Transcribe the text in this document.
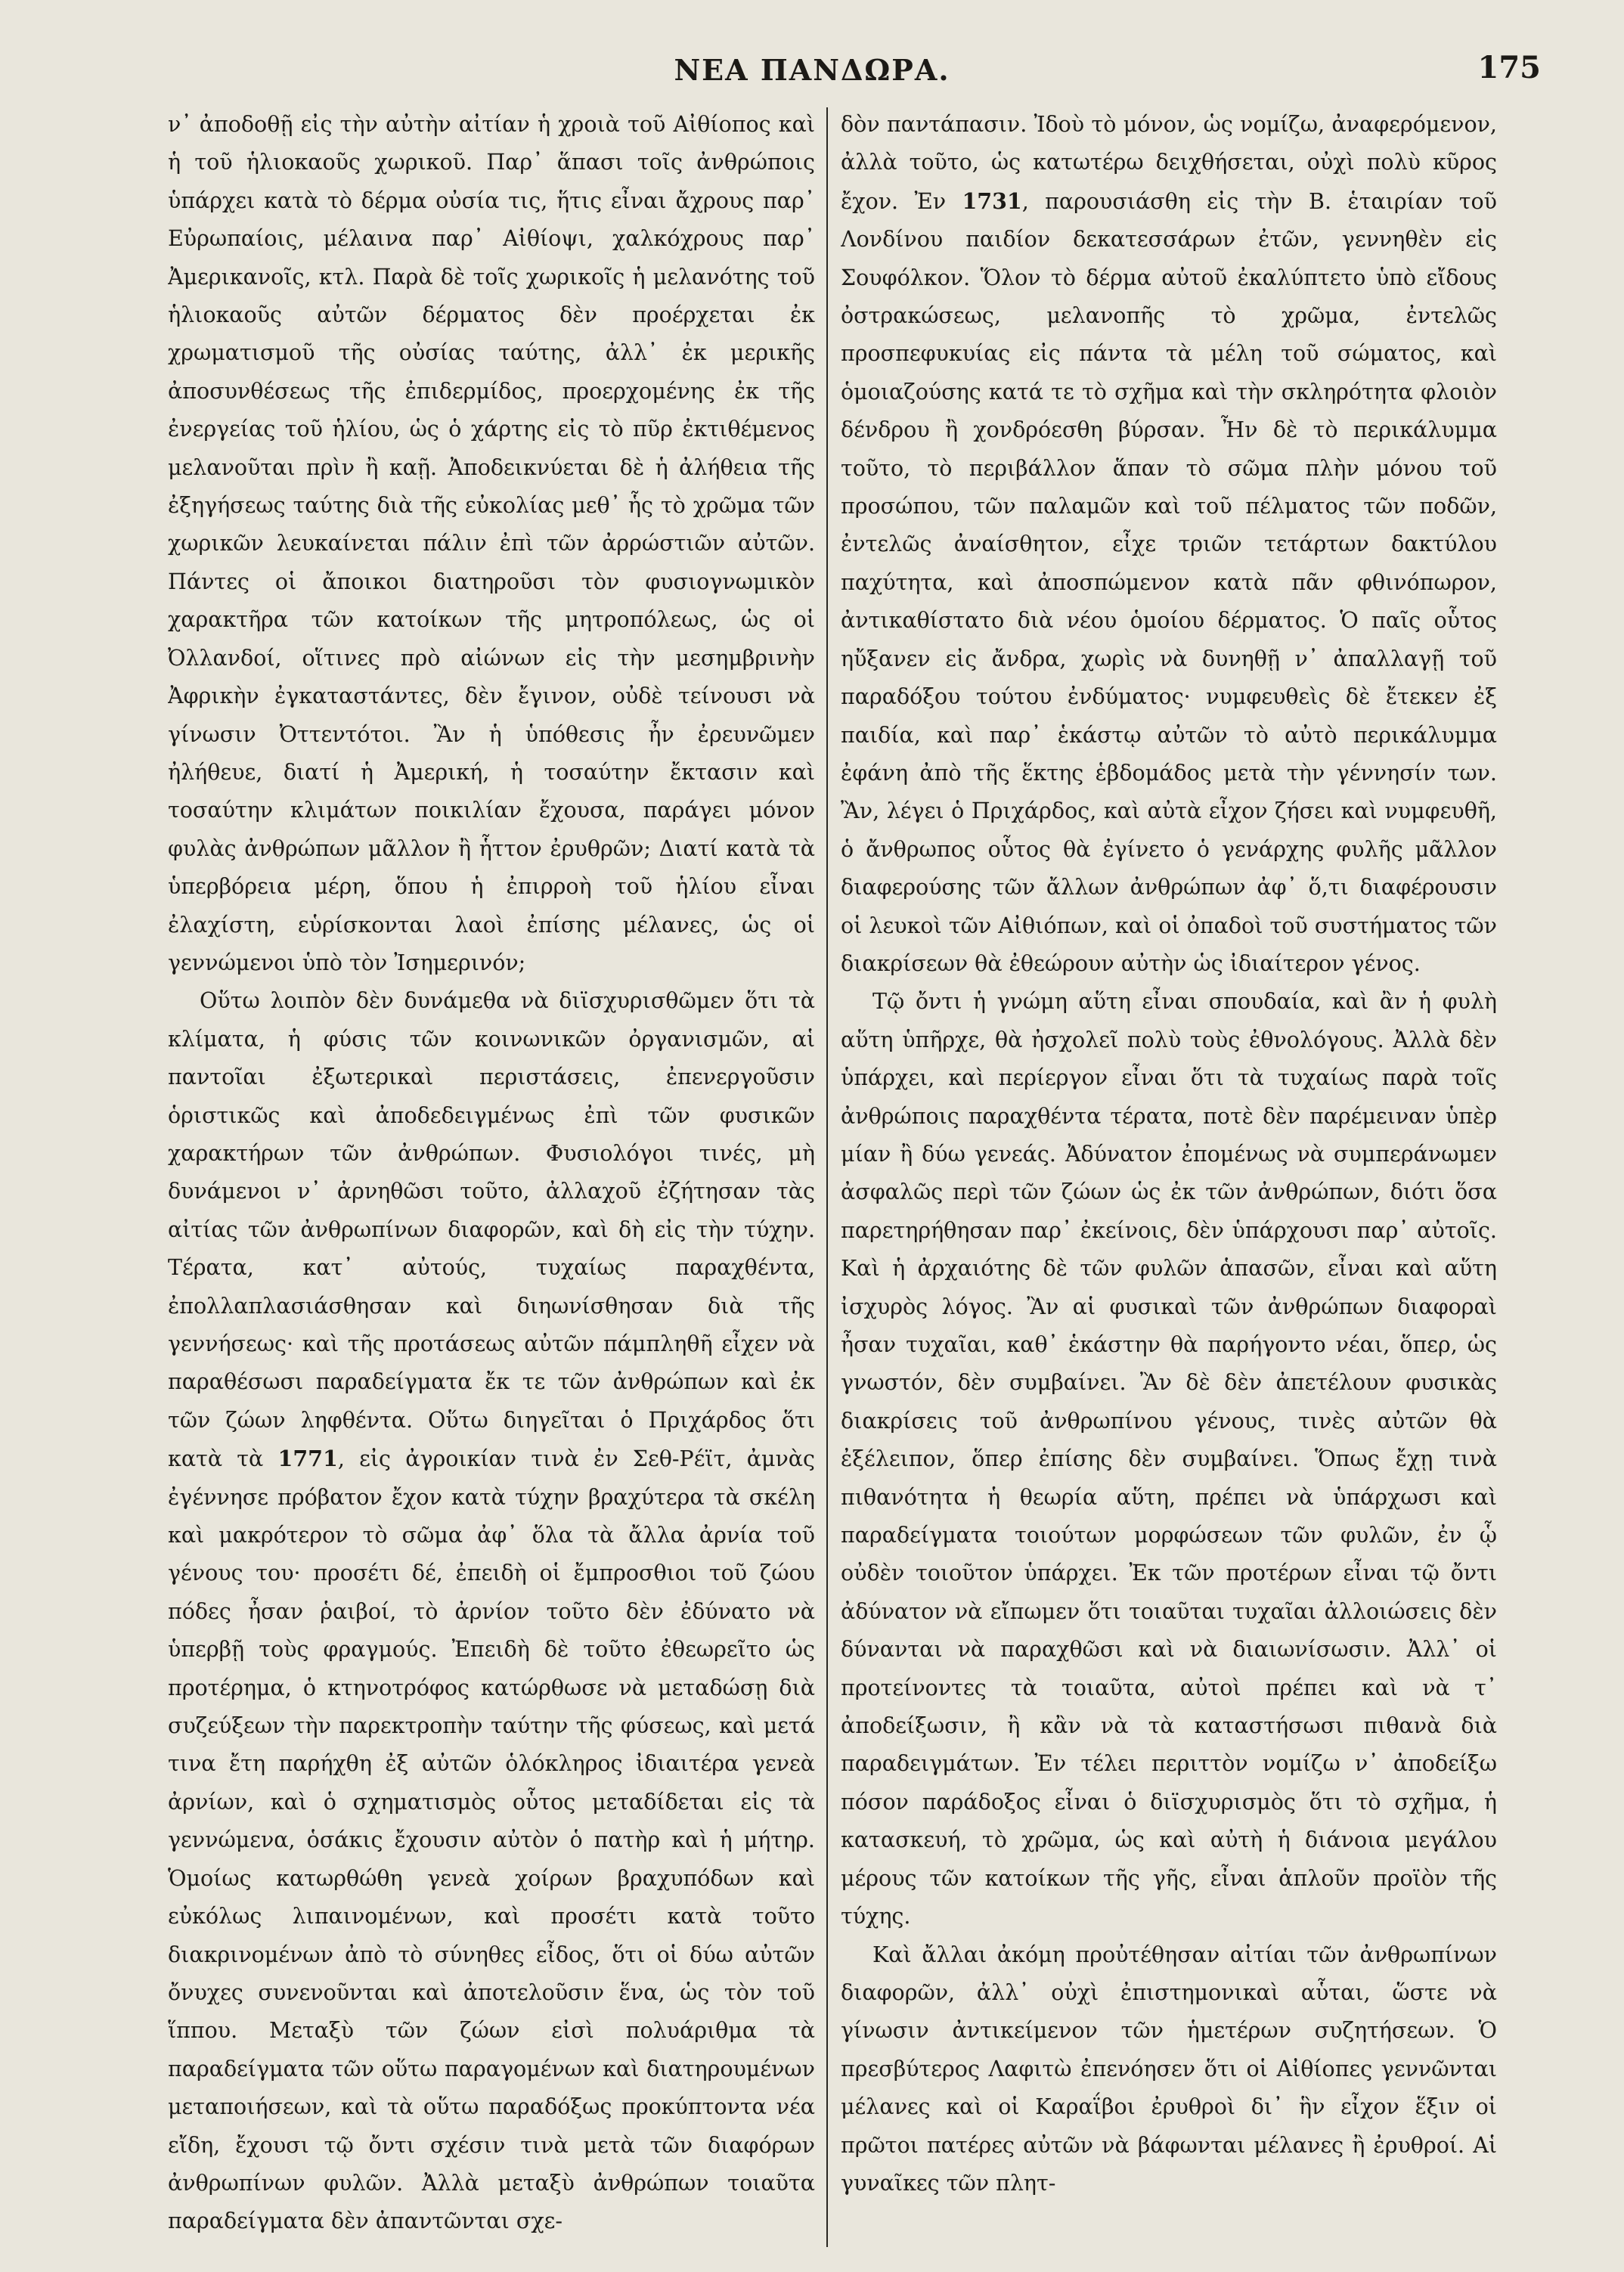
ΝΕΑ ΠΑΝΔΩΡΑ.	175

ν᾽ ἀποδοθῇ εἰς τὴν αὐτὴν αἰτίαν ἡ χροιὰ τοῦ Αἰθίοπος καὶ ἡ τοῦ ἡλιοκαοῦς χωρικοῦ. Παρ᾽ ἅπασι τοῖς ἀνθρώποις ὑπάρχει κατὰ τὸ δέρμα οὐσία τις, ἥτις εἶναι ἄχρους παρ᾽ Εὐρωπαίοις, μέλαινα παρ᾽ Αἰθίοψι, χαλκόχρους παρ᾽ Ἀμερικανοῖς, κτλ. Παρὰ δὲ τοῖς χωρικοῖς ἡ μελανότης τοῦ ἡλιοκαοῦς αὐτῶν δέρματος δὲν προέρχεται ἐκ χρωματισμοῦ τῆς οὐσίας ταύτης, ἀλλ᾽ ἐκ μερικῆς ἀποσυνθέσεως τῆς ἐπιδερμίδος, προερχομένης ἐκ τῆς ἐνεργείας τοῦ ἡλίου, ὡς ὁ χάρτης εἰς τὸ πῦρ ἐκτιθέμενος μελανοῦται πρὶν ἢ καῇ. Ἀποδεικνύεται δὲ ἡ ἀλήθεια τῆς ἐξηγήσεως ταύτης διὰ τῆς εὐκολίας μεθ᾽ ἧς τὸ χρῶμα τῶν χωρικῶν λευκαίνεται πάλιν ἐπὶ τῶν ἀρρώστιῶν αὐτῶν. Πάντες οἱ ἄποικοι διατηροῦσι τὸν φυσιογνωμικὸν χαρακτῆρα τῶν κατοίκων τῆς μητροπόλεως, ὡς οἱ Ὀλλανδοί, οἵτινες πρὸ αἰώνων εἰς τὴν μεσημβρινὴν Ἀφρικὴν ἐγκαταστάντες, δὲν ἔγινον, οὐδὲ τείνουσι νὰ γίνωσιν Ὀττεντότοι. Ἂν ἡ ὑπόθεσις ἦν ἐρευνῶμεν ἠλήθευε, διατί ἡ Ἀμερική, ἡ τοσαύτην ἔκτασιν καὶ τοσαύτην κλιμάτων ποικιλίαν ἔχουσα, παράγει μόνον φυλὰς ἀνθρώπων μᾶλλον ἢ ἧττον ἐρυθρῶν; Διατί κατὰ τὰ ὑπερβόρεια μέρη, ὅπου ἡ ἐπιρροὴ τοῦ ἡλίου εἶναι ἐλαχίστη, εὑρίσκονται λαοὶ ἐπίσης μέλανες, ὡς οἱ γεννώμενοι ὑπὸ τὸν Ἰσημερινόν;

Οὕτω λοιπὸν δὲν δυνάμεθα νὰ διϊσχυρισθῶμεν ὅτι τὰ κλίματα, ἡ φύσις τῶν κοινωνικῶν ὀργανισμῶν, αἱ παντοῖαι ἐξωτερικαὶ περιστάσεις, ἐπενεργοῦσιν ὁριστικῶς καὶ ἀποδεδειγμένως ἐπὶ τῶν φυσικῶν χαρακτήρων τῶν ἀνθρώπων. Φυσιολόγοι τινές, μὴ δυνάμενοι ν᾽ ἀρνηθῶσι τοῦτο, ἀλλαχοῦ ἐζήτησαν τὰς αἰτίας τῶν ἀνθρωπίνων διαφορῶν, καὶ δὴ εἰς τὴν τύχην. Τέρατα, κατ᾽ αὐτούς, τυχαίως παραχθέντα, ἐπολλαπλασιάσθησαν καὶ διηωνίσθησαν διὰ τῆς γεννήσεως· καὶ τῆς προτάσεως αὐτῶν πάμπληθῆ εἶχεν νὰ παραθέσωσι παραδείγματα ἔκ τε τῶν ἀνθρώπων καὶ ἐκ τῶν ζώων ληφθέντα. Οὕτω διηγεῖται ὁ Πριχάρδος ὅτι κατὰ τὰ 1771, εἰς ἀγροικίαν τινὰ ἐν Σεθ-Ρέϊτ, ἀμνὰς ἐγέννησε πρόβατον ἔχον κατὰ τύχην βραχύτερα τὰ σκέλη καὶ μακρότερον τὸ σῶμα ἀφ᾽ ὅλα τὰ ἄλλα ἀρνία τοῦ γένους του· προσέτι δέ, ἐπειδὴ οἱ ἔμπροσθιοι τοῦ ζώου πόδες ἦσαν ῥαιβοί, τὸ ἀρνίον τοῦτο δὲν ἐδύνατο νὰ ὑπερβῇ τοὺς φραγμούς. Ἐπειδὴ δὲ τοῦτο ἐθεωρεῖτο ὡς προτέρημα, ὁ κτηνοτρόφος κατώρθωσε νὰ μεταδώσῃ διὰ συζεύξεων τὴν παρεκτροπὴν ταύτην τῆς φύσεως, καὶ μετά τινα ἔτη παρήχθη ἐξ αὐτῶν ὁλόκληρος ἰδιαιτέρα γενεὰ ἀρνίων, καὶ ὁ σχηματισμὸς οὗτος μεταδίδεται εἰς τὰ γεννώμενα, ὁσάκις ἔχουσιν αὐτὸν ὁ πατὴρ καὶ ἡ μήτηρ. Ὁμοίως κατωρθώθη γενεὰ χοίρων βραχυπόδων καὶ εὐκόλως λιπαινομένων, καὶ προσέτι κατὰ τοῦτο διακρινομένων ἀπὸ τὸ σύνηθες εἶδος, ὅτι οἱ δύω αὐτῶν ὄνυχες συνενοῦνται καὶ ἀποτελοῦσιν ἕνα, ὡς τὸν τοῦ ἵππου. Μεταξὺ τῶν ζώων εἰσὶ πολυάριθμα τὰ παραδείγματα τῶν οὕτω παραγομένων καὶ διατηρουμένων μεταποιήσεων, καὶ τὰ οὕτω παραδόξως προκύπτοντα νέα εἴδη, ἔχουσι τῷ ὄντι σχέσιν τινὰ μετὰ τῶν διαφόρων ἀνθρωπίνων φυλῶν. Ἀλλὰ μεταξὺ ἀνθρώπων τοιαῦτα παραδείγματα δὲν ἀπαντῶνται σχε-

δὸν παντάπασιν. Ἰδοὺ τὸ μόνον, ὡς νομίζω, ἀναφερόμενον, ἀλλὰ τοῦτο, ὡς κατωτέρω δειχθήσεται, οὐχὶ πολὺ κῦρος ἔχον. Ἐν 1731, παρουσιάσθη εἰς τὴν Β. ἑταιρίαν τοῦ Λονδίνου παιδίον δεκατεσσάρων ἐτῶν, γεννηθὲν εἰς Σουφόλκον. Ὅλον τὸ δέρμα αὐτοῦ ἐκαλύπτετο ὑπὸ εἴδους ὀστρακώσεως, μελανοπῆς τὸ χρῶμα, ἐντελῶς προσπεφυκυίας εἰς πάντα τὰ μέλη τοῦ σώματος, καὶ ὁμοιαζούσης κατά τε τὸ σχῆμα καὶ τὴν σκληρότητα φλοιὸν δένδρου ἢ χονδρόεσθη βύρσαν. Ἦν δὲ τὸ περικάλυμμα τοῦτο, τὸ περιβάλλον ἅπαν τὸ σῶμα πλὴν μόνου τοῦ προσώπου, τῶν παλαμῶν καὶ τοῦ πέλματος τῶν ποδῶν, ἐντελῶς ἀναίσθητον, εἶχε τριῶν τετάρτων δακτύλου παχύτητα, καὶ ἀποσπώμενον κατὰ πᾶν φθινόπωρον, ἀντικαθίστατο διὰ νέου ὁμοίου δέρματος. Ὁ παῖς οὗτος ηὔξανεν εἰς ἄνδρα, χωρὶς νὰ δυνηθῇ ν᾽ ἀπαλλαγῇ τοῦ παραδόξου τούτου ἐνδύματος· νυμφευθεὶς δὲ ἔτεκεν ἐξ παιδία, καὶ παρ᾽ ἑκάστῳ αὐτῶν τὸ αὐτὸ περικάλυμμα ἐφάνη ἀπὸ τῆς ἕκτης ἑβδομάδος μετὰ τὴν γέννησίν των. Ἂν, λέγει ὁ Πριχάρδος, καὶ αὐτὰ εἶχον ζήσει καὶ νυμφευθῆ, ὁ ἄνθρωπος οὗτος θὰ ἐγίνετο ὁ γενάρχης φυλῆς μᾶλλον διαφερούσης τῶν ἄλλων ἀνθρώπων ἀφ᾽ ὅ,τι διαφέρουσιν οἱ λευκοὶ τῶν Αἰθιόπων, καὶ οἱ ὀπαδοὶ τοῦ συστήματος τῶν διακρίσεων θὰ ἐθεώρουν αὐτὴν ὡς ἰδιαίτερον γένος.

Τῷ ὄντι ἡ γνώμη αὕτη εἶναι σπουδαία, καὶ ἂν ἡ φυλὴ αὕτη ὑπῆρχε, θὰ ἠσχολεῖ πολὺ τοὺς ἐθνολόγους. Ἀλλὰ δὲν ὑπάρχει, καὶ περίεργον εἶναι ὅτι τὰ τυχαίως παρὰ τοῖς ἀνθρώποις παραχθέντα τέρατα, ποτὲ δὲν παρέμειναν ὑπὲρ μίαν ἢ δύω γενεάς. Ἀδύνατον ἐπομένως νὰ συμπεράνωμεν ἀσφαλῶς περὶ τῶν ζώων ὡς ἐκ τῶν ἀνθρώπων, διότι ὅσα παρετηρήθησαν παρ᾽ ἐκείνοις, δὲν ὑπάρχουσι παρ᾽ αὐτοῖς. Καὶ ἡ ἀρχαιότης δὲ τῶν φυλῶν ἁπασῶν, εἶναι καὶ αὕτη ἰσχυρὸς λόγος. Ἂν αἱ φυσικαὶ τῶν ἀνθρώπων διαφοραὶ ἦσαν τυχαῖαι, καθ᾽ ἑκάστην θὰ παρήγοντο νέαι, ὅπερ, ὡς γνωστόν, δὲν συμβαίνει. Ἂν δὲ δὲν ἀπετέλουν φυσικὰς διακρίσεις τοῦ ἀνθρωπίνου γένους, τινὲς αὐτῶν θὰ ἐξέλειπον, ὅπερ ἐπίσης δὲν συμβαίνει. Ὅπως ἔχῃ τινὰ πιθανότητα ἡ θεωρία αὕτη, πρέπει νὰ ὑπάρχωσι καὶ παραδείγματα τοιούτων μορφώσεων τῶν φυλῶν, ἐν ᾧ οὐδὲν τοιοῦτον ὑπάρχει. Ἐκ τῶν προτέρων εἶναι τῷ ὄντι ἀδύνατον νὰ εἴπωμεν ὅτι τοιαῦται τυχαῖαι ἀλλοιώσεις δὲν δύνανται νὰ παραχθῶσι καὶ νὰ διαιωνίσωσιν. Ἀλλ᾽ οἱ προτείνοντες τὰ τοιαῦτα, αὐτοὶ πρέπει καὶ νὰ τ᾽ ἀποδείξωσιν, ἢ κἂν νὰ τὰ καταστήσωσι πιθανὰ διὰ παραδειγμάτων. Ἐν τέλει περιττὸν νομίζω ν᾽ ἀποδείξω πόσον παράδοξος εἶναι ὁ διϊσχυρισμὸς ὅτι τὸ σχῆμα, ἡ κατασκευή, τὸ χρῶμα, ὡς καὶ αὐτὴ ἡ διάνοια μεγάλου μέρους τῶν κατοίκων τῆς γῆς, εἶναι ἁπλοῦν προϊὸν τῆς τύχης.

Καὶ ἄλλαι ἀκόμη προὐτέθησαν αἰτίαι τῶν ἀνθρωπίνων διαφορῶν, ἀλλ᾽ οὐχὶ ἐπιστημονικαὶ αὗται, ὥστε νὰ γίνωσιν ἀντικείμενον τῶν ἡμετέρων συζητήσεων. Ὁ πρεσβύτερος Λαφιτὼ ἐπενόησεν ὅτι οἱ Αἰθίοπες γεννῶνται μέλανες καὶ οἱ Καραΐβοι ἐρυθροὶ δι᾽ ἣν εἶχον ἕξιν οἱ πρῶτοι πατέρες αὐτῶν νὰ βάφωνται μέλανες ἢ ἐρυθροί. Αἱ γυναῖκες τῶν πλητ-
